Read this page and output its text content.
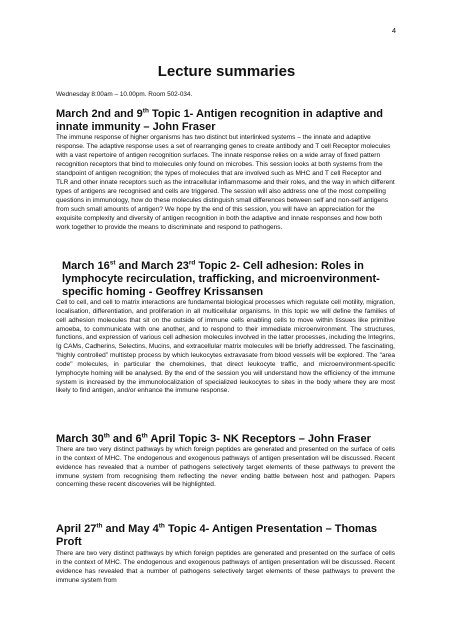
4
Lecture summaries
Wednesday 8:00am – 10.00pm. Room 502-034.
March 2nd and 9th Topic 1- Antigen recognition in adaptive and innate immunity – John Fraser

The immune response of higher organisms has two distinct but interlinked systems – the innate and adaptive response. The adaptive response uses a set of rearranging genes to create antibody and T cell Receptor molecules with a vast repertoire of antigen recognition surfaces. The innate response relies on a wide array of fixed pattern recognition receptors that bind to molecules only found on microbes. This session looks at both systems from the standpoint of antigen recognition; the types of molecules that are involved such as MHC and T cell Receptor and TLR and other innate receptors such as the intracellular inflammasome and their roles, and the way in which different types of antigens are recognised and cells are triggered. The session will also address one of the most compelling questions in immunology, how do these molecules distinguish small differences between self and non-self antigens from such small amounts of antigen? We hope by the end of this session, you will have an appreciation for the exquisite complexity and diversity of antigen recognition in both the adaptive and innate responses and how both work together to provide the means to discriminate and respond to pathogens.

March 16st and March 23rd Topic 2- Cell adhesion: Roles in lymphocyte recirculation, trafficking, and microenvironment-specific homing - Geoffrey Krissansen

Cell to cell, and cell to matrix interactions are fundamental biological processes which regulate cell motility, migration, localisation, differentiation, and proliferation in all multicellular organisms. In this topic we will define the families of cell adhesion molecules that sit on the outside of immune cells enabling cells to move within tissues like primitive amoeba, to communicate with one another, and to respond to their immediate microenvironment. The structures, functions, and expression of various cell adhesion molecules involved in the latter processes, including the Integrins, Ig CAMs, Cadherins, Selectins, Mucins, and extracellular matrix molecules will be briefly addressed. The fascinating, “highly controlled” multistep process by which leukocytes extravasate from blood vessels will be explored. The "area code" molecules, in particular the chemokines, that direct leukocyte traffic, and microenvironment-specific lymphocyte homing will be analysed. By the end of the session you will understand how the efficiency of the immune system is increased by the immunolocalization of specialized leukocytes to sites in the body where they are most likely to find antigen, and/or enhance the immune response.

March 30th and 6th April Topic 3- NK Receptors – John Fraser

There are two very distinct pathways by which foreign peptides are generated and presented on the surface of cells in the context of MHC. The endogenous and exogenous pathways of antigen presentation will be discussed. Recent evidence has revealed that a number of pathogens selectively target elements of these pathways to prevent the immune system from recognising them reflecting the never ending battle between host and pathogen. Papers concerning these recent discoveries will be highlighted.

April 27th and May 4th Topic 4- Antigen Presentation – Thomas Proft

There are two very distinct pathways by which foreign peptides are generated and presented on the surface of cells in the context of MHC. The endogenous and exogenous pathways of antigen presentation will be discussed. Recent evidence has revealed that a number of pathogens selectively target elements of these pathways to prevent the immune system from
